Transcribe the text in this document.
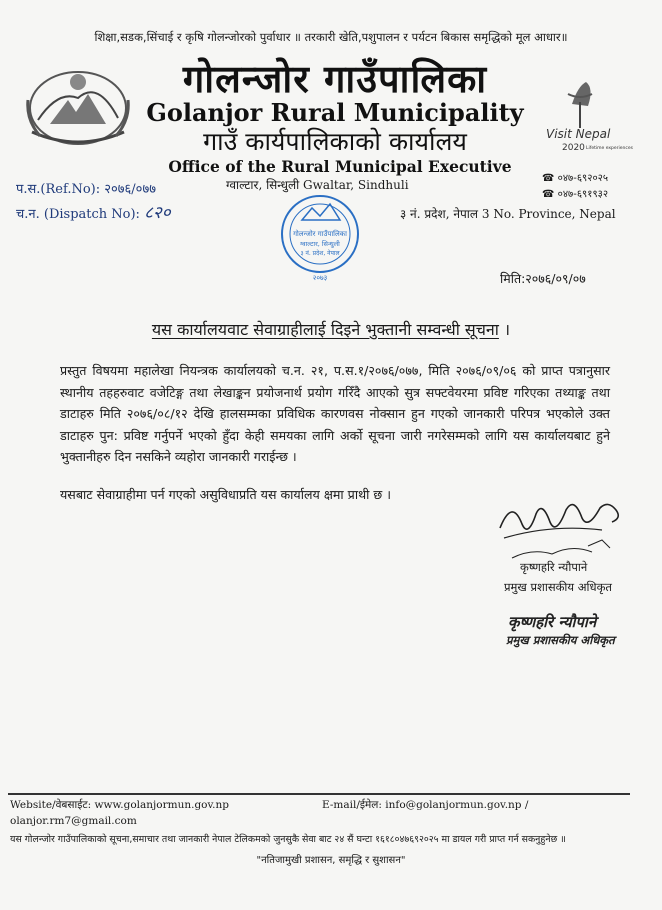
शिक्षा,सडक,सिंचाई र कृषि गोलन्जोरको पुर्वाधार ॥ तरकारी खेति,पशुपालन र पर्यटन बिकास समृद्धिको मूल आधार॥
गोलन्जोर गाउँपालिका
Golanjor Rural Municipality
गाउँ कार्यपालिकाको कार्यालय
Office of the Rural Municipal Executive
Visit Nepal
2020 Lifetime experiences
☎ ०४७-६९२०२५
☎ ०४७-६९१९३२
प.स.(Ref.No): २०७६/०७७
च.न. (Dispatch No): ८२०
ग्वाल्टार, सिन्धुली Gwaltar, Sindhuli
३ नं. प्रदेश, नेपाल 3 No. Province, Nepal
गोलन्जोर गाउँपालिका
ग्वाल्टार, सिन्धुली
३ नं. प्रदेश, नेपाल
२०७३	मिति:२०७६/०९/०७
यस कार्यालयवाट सेवाग्राहीलाई दिइने भुक्तानी सम्वन्धी सूचना ।

प्रस्तुत विषयमा महालेखा नियन्त्रक कार्यालयको च.न. २१, प.स.१/२०७६/०७७, मिति २०७६/०९/०६ को प्राप्त पत्रानुसार स्थानीय तहहरुवाट वजेटिङ्ग तथा लेखाङ्कन प्रयोजनार्थ प्रयोग गरिँदै आएको सुत्र सफ्टवेयरमा प्रविष्ट गरिएका तथ्याङ्क तथा डाटाहरु मिति २०७६/०८/१२ देखि हालसम्मका प्रविधिक कारणवस नोक्सान हुन गएको जानकारी परिपत्र भएकोले उक्त डाटाहरु पुन: प्रविष्ट गर्नुपर्ने भएको हुँदा केही समयका लागि अर्को सूचना जारी नगरेसम्मको लागि यस कार्यालयबाट हुने भुक्तानीहरु दिन नसकिने व्यहोरा जानकारी गराईन्छ ।

यसबाट सेवाग्राहीमा पर्न गएको असुविधाप्रति यस कार्यालय क्षमा प्राथी छ ।
कृष्णहरि न्यौपाने
प्रमुख प्रशासकीय अधिकृत
कृष्णहरि न्यौपाने
प्रमुख प्रशासकीय अधिकृत
Website/वेबसाईट: www.golanjormun.gov.np	E-mail/ईमेल: info@golanjormun.gov.np /
olanjor.rm7@gmail.com
यस गोलन्जोर गाउँपालिकाको सूचना,समाचार तथा जानकारी नेपाल टेलिकमको जुनसुकै सेवा बाट २४ सैं घन्टा १६१८०४७६९२०२५ मा डायल गरी प्राप्त गर्न सकनुहुनेछ ॥
"नतिजामुखी प्रशासन, समृद्धि र सुशासन"
